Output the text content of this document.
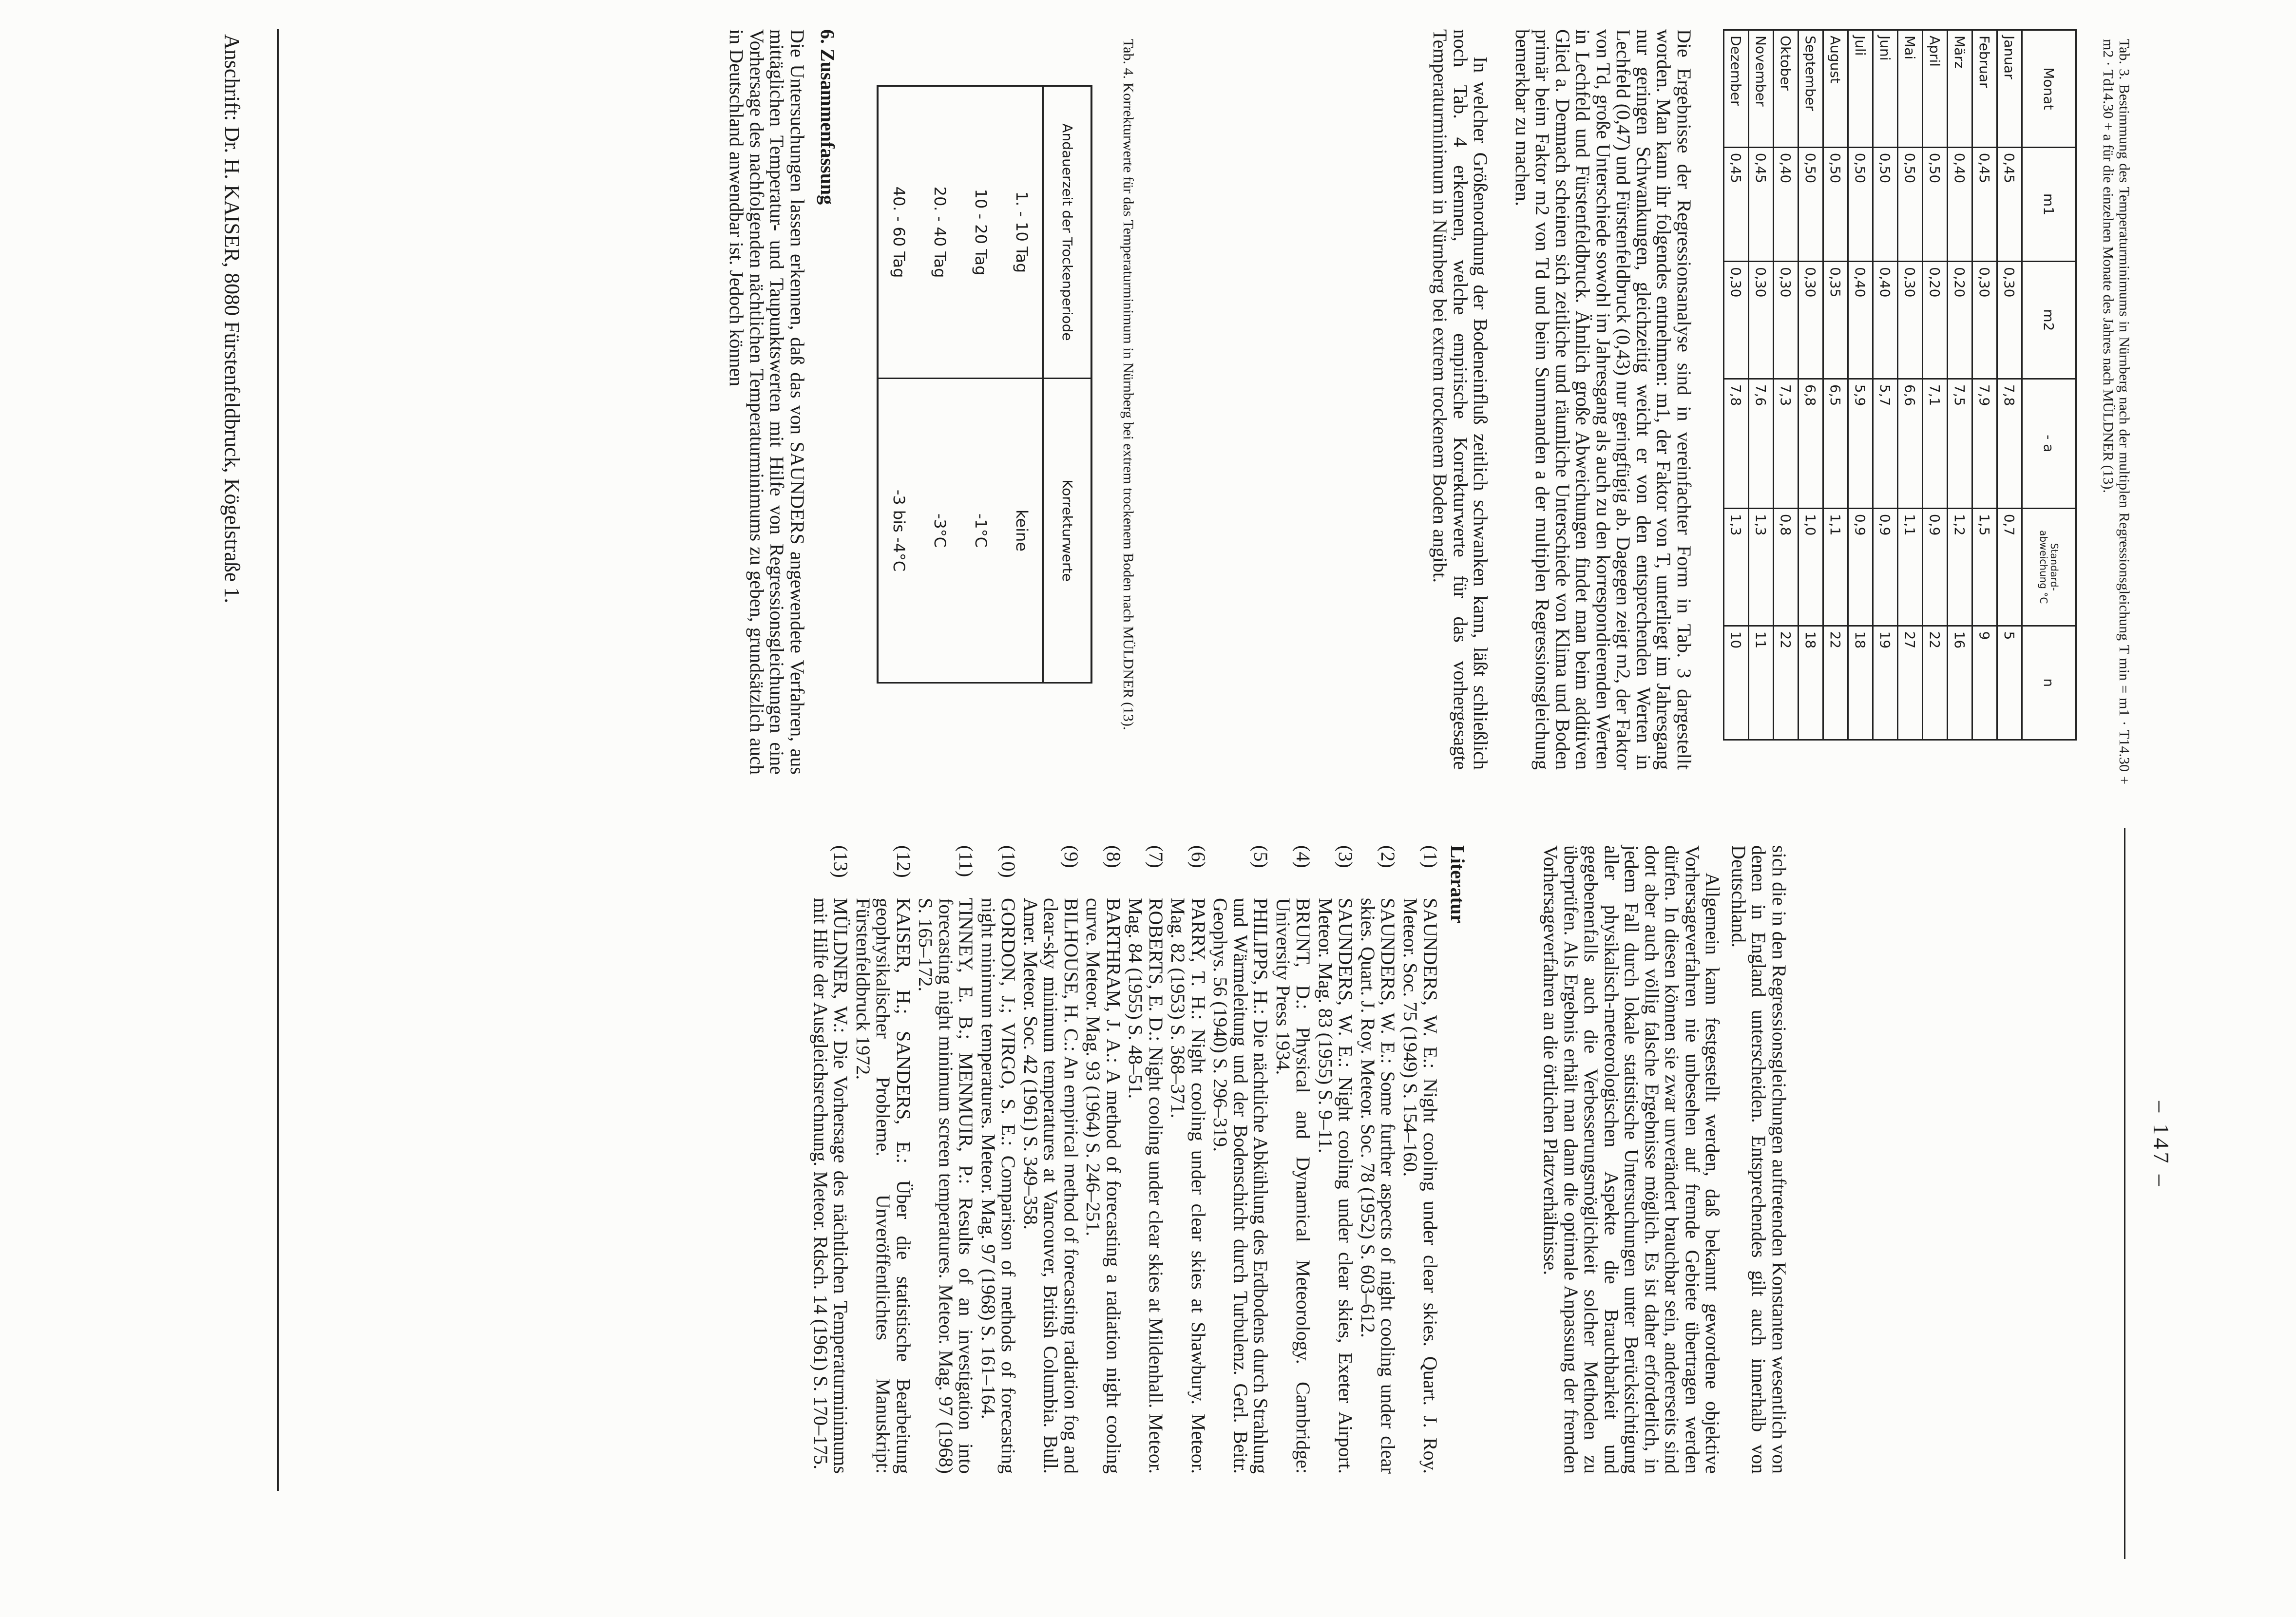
– 147 –
Tab. 3. Bestimmung des Temperaturminimums in Nürnberg nach der multiplen Regressionsgleichung T min = m1 · T14.30 + m2 · Td14.30 + a für die einzelnen Monate des Jahres nach MÜLDNER (13).
Monat	m1	m2	- a	Standard-abweichung °C	n
Januar	0,45	0,30	7,8	0,7	5
Februar	0,45	0,30	7,9	1,5	9
März	0,40	0,20	7,5	1,2	16
April	0,50	0,20	7,1	0,9	22
Mai	0,50	0,30	6,6	1,1	27
Juni	0,50	0,40	5,7	0,9	19
Juli	0,50	0,40	5,9	0,9	18
August	0,50	0,35	6,5	1,1	22
September	0,50	0,30	6,8	1,0	18
Oktober	0,40	0,30	7,3	0,8	22
November	0,45	0,30	7,6	1,3	11
Dezember	0,45	0,30	7,8	1,3	10

Die Ergebnisse der Regressionsanalyse sind in vereinfachter Form in Tab. 3 dargestellt worden. Man kann ihr folgendes entnehmen: m1, der Faktor von T, unterliegt im Jahresgang nur geringen Schwankungen, gleichzeitig weicht er von den entsprechenden Werten in Lechfeld (0,47) und Fürstenfeldbruck (0,43) nur geringfügig ab. Dagegen zeigt m2, der Faktor von Td, große Unterschiede sowohl im Jahresgang als auch zu den korrespondierenden Werten in Lechfeld und Fürstenfeldbruck. Ähnlich große Abweichungen findet man beim additiven Glied a. Demnach scheinen sich zeitliche und räumliche Unterschiede von Klima und Boden primär beim Faktor m2 von Td und beim Summanden a der multiplen Regressionsgleichung bemerkbar zu machen.

In welcher Größenordnung der Bodeneinfluß zeitlich schwanken kann, läßt schließlich noch Tab. 4 erkennen, welche empirische Korrekturwerte für das vorhergesagte Temperaturminimum in Nürnberg bei extrem trockenem Boden angibt.

Tab. 4. Korrekturwerte für das Temperaturminimum in Nürnberg bei extrem trockenem Boden nach MÜLDNER (13).
Andauerzeit der Trockenperiode	Korrekturwerte
1. - 10 Tag	keine
10 - 20 Tag	-1°C
20. - 40 Tag	-3°C
40. - 60 Tag	-3 bis -4°C
6. Zusammenfassung

Die Untersuchungen lassen erkennen, daß das von SAUNDERS angewendete Verfahren, aus mittäglichen Temperatur- und Taupunktswerten mit Hilfe von Regressionsgleichungen eine Vorhersage des nachfolgenden nächtlichen Temperaturminimums zu geben, grundsätzlich auch in Deutschland anwendbar ist. Jedoch können

sich die in den Regressionsgleichungen auftretenden Konstanten wesentlich von denen in England unterscheiden. Entsprechendes gilt auch innerhalb von Deutschland.

Allgemein kann festgestellt werden, daß bekannt gewordene objektive Vorhersageverfahren nie unbesehen auf fremde Gebiete übertragen werden dürfen. In diesen können sie zwar unverändert brauchbar sein, andererseits sind dort aber auch völlig falsche Ergebnisse möglich. Es ist daher erforderlich, in jedem Fall durch lokale statistische Untersuchungen unter Berücksichtigung aller physikalisch-meteorologischen Aspekte die Brauchbarkeit und gegebenenfalls auch die Verbesserungsmöglichkeit solcher Methoden zu überprüfen. Als Ergebnis erhält man dann die optimale Anpassung der fremden Vorhersageverfahren an die örtlichen Platzverhältnisse.

Literatur
(1)
SAUNDERS, W. E.: Night cooling under clear skies. Quart. J. Roy. Meteor. Soc. 75 (1949) S. 154–160.
(2)
SAUNDERS, W. E.: Some further aspects of night cooling under clear skies. Quart. J. Roy. Meteor. Soc. 78 (1952) S. 603–612.
(3)
SAUNDERS, W. E.: Night cooling under clear skies, Exeter Airport. Meteor. Mag. 83 (1955) S. 9–11.
(4)
BRUNT, D.: Physical and Dynamical Meteorology. Cambridge: University Press 1934.
(5)
PHILIPPS, H.: Die nächtliche Abkühlung des Erdbodens durch Strahlung und Wärmeleitung und der Bodenschicht durch Turbulenz. Gerl. Beitr. Geophys. 56 (1940) S. 296–319.
(6)
PARRY, T. H.: Night cooling under clear skies at Shawbury. Meteor. Mag. 82 (1953) S. 368–371.
(7)
ROBERTS, E. D.: Night cooling under clear skies at Mildenhall. Meteor. Mag. 84 (1955) S. 48–51.
(8)
BARTHRAM, J. A.: A method of forecasting a radiation night cooling curve. Meteor. Mag. 93 (1964) S. 246–251.
(9)
BILHOUSE, H. C.: An empirical method of forecasting radiation fog and clear-sky minimum temperatures at Vancouver, British Columbia. Bull. Amer. Meteor. Soc. 42 (1961) S. 349–358.
(10)
GORDON, J.; VIRGO, S. E.: Comparison of methods of forecasting night minimum temperatures. Meteor. Mag. 97 (1968) S. 161–164.
(11)
TINNEY, E. B.; MENMUIR, P.: Results of an investigation into forecasting night minimum screen temperatures. Meteor. Mag. 97 (1968) S. 165–172.
(12)
KAISER, H.; SANDERS, E.: Über die statistische Bearbeitung geophysikalischer Probleme. Unveröffentlichtes Manuskript: Fürstenfeldbruck 1972.
(13)
MÜLDNER, W.: Die Vorhersage des nächtlichen Temperaturminimums mit Hilfe der Ausgleichsrechnung. Meteor. Rdsch. 14 (1961) S. 170–175.
Anschrift: Dr. H. KAISER, 8080 Fürstenfeldbruck, Kögelstraße 1.
